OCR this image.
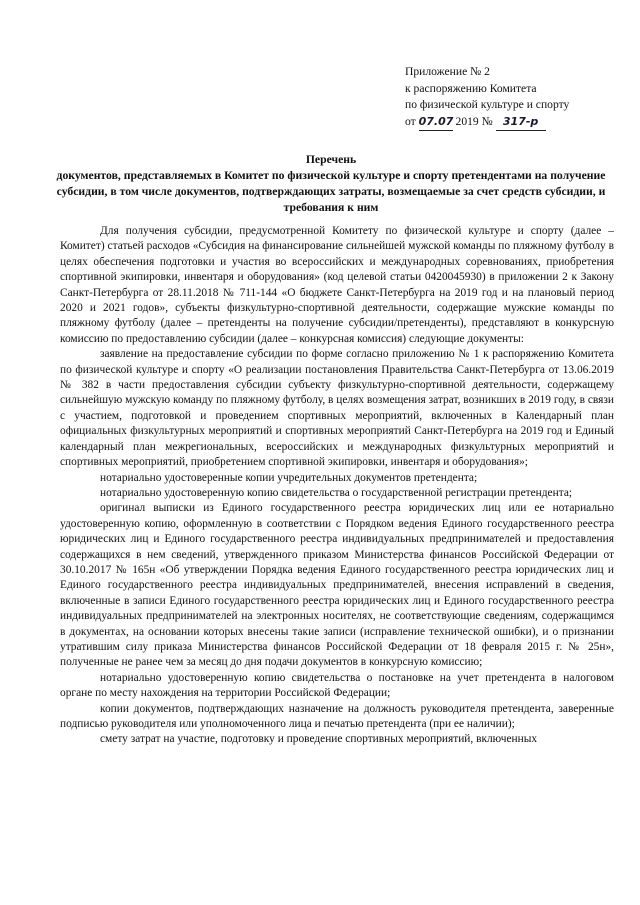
Приложение № 2
к распоряжению Комитета
по физической культуре и спорту
от 07.07 2019 № 317-р
Перечень
документов, представляемых в Комитет по физической культуре и спорту претендентами на получение субсидии, в том числе документов, подтверждающих затраты, возмещаемые за счет средств субсидии, и требования к ним

Для получения субсидии, предусмотренной Комитету по физической культуре и спорту (далее – Комитет) статьей расходов «Субсидия на финансирование сильнейшей мужской команды по пляжному футболу в целях обеспечения подготовки и участия во всероссийских и международных соревнованиях, приобретения спортивной экипировки, инвентаря и оборудования» (код целевой статьи 0420045930) в приложении 2 к Закону Санкт-Петербурга от 28.11.2018 № 711-144 «О бюджете Санкт-Петербурга на 2019 год и на плановый период 2020 и 2021 годов», субъекты физкультурно-спортивной деятельности, содержащие мужские команды по пляжному футболу (далее – претенденты на получение субсидии/претенденты), представляют в конкурсную комиссию по предоставлению субсидии (далее – конкурсная комиссия) следующие документы:

заявление на предоставление субсидии по форме согласно приложению № 1 к распоряжению Комитета по физической культуре и спорту «О реализации постановления Правительства Санкт-Петербурга от 13.06.2019 № 382 в части предоставления субсидии субъекту физкультурно-спортивной деятельности, содержащему сильнейшую мужскую команду по пляжному футболу, в целях возмещения затрат, возникших в 2019 году, в связи с участием, подготовкой и проведением спортивных мероприятий, включенных в Календарный план официальных физкультурных мероприятий и спортивных мероприятий Санкт-Петербурга на 2019 год и Единый календарный план межрегиональных, всероссийских и международных физкультурных мероприятий и спортивных мероприятий, приобретением спортивной экипировки, инвентаря и оборудования»;

нотариально удостоверенные копии учредительных документов претендента;

нотариально удостоверенную копию свидетельства о государственной регистрации претендента;

оригинал выписки из Единого государственного реестра юридических лиц или ее нотариально удостоверенную копию, оформленную в соответствии с Порядком ведения Единого государственного реестра юридических лиц и Единого государственного реестра индивидуальных предпринимателей и предоставления содержащихся в нем сведений, утвержденного приказом Министерства финансов Российской Федерации от 30.10.2017 № 165н «Об утверждении Порядка ведения Единого государственного реестра юридических лиц и Единого государственного реестра индивидуальных предпринимателей, внесения исправлений в сведения, включенные в записи Единого государственного реестра юридических лиц и Единого государственного реестра индивидуальных предпринимателей на электронных носителях, не соответствующие сведениям, содержащимся в документах, на основании которых внесены такие записи (исправление технической ошибки), и о признании утратившим силу приказа Министерства финансов Российской Федерации от 18 февраля 2015 г. № 25н», полученные не ранее чем за месяц до дня подачи документов в конкурсную комиссию;

нотариально удостоверенную копию свидетельства о постановке на учет претендента в налоговом органе по месту нахождения на территории Российской Федерации;

копии документов, подтверждающих назначение на должность руководителя претендента, заверенные подписью руководителя или уполномоченного лица и печатью претендента (при ее наличии);

смету затрат на участие, подготовку и проведение спортивных мероприятий, включенных
